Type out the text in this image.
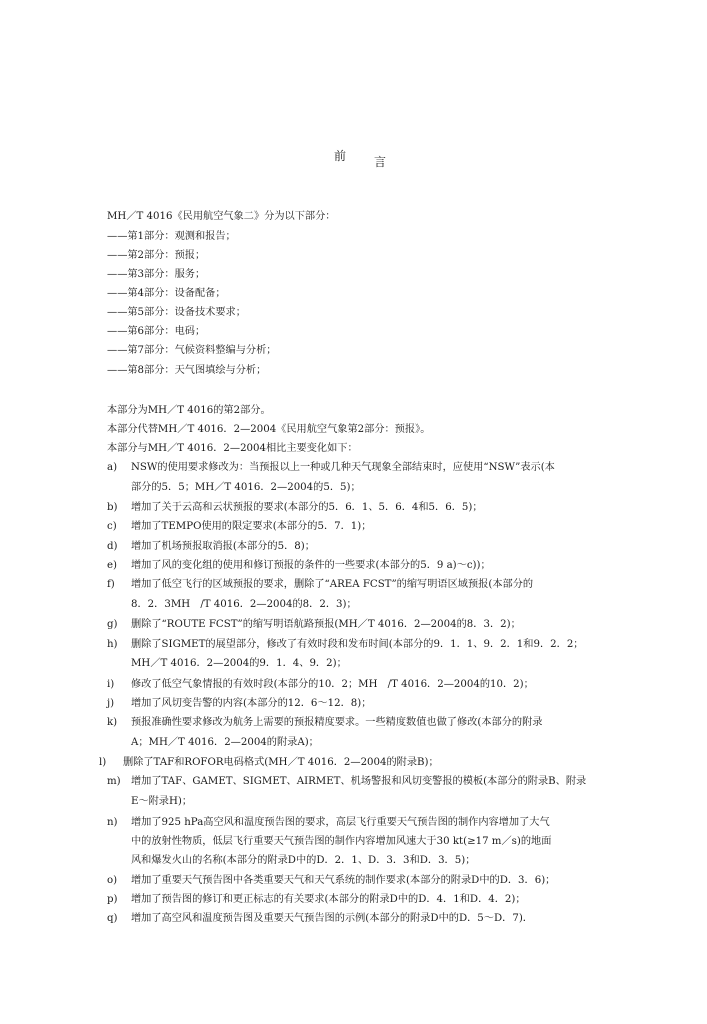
前 言
MH／T 4016《民用航空气象二》分为以下部分：
——第1部分：观测和报告；
——第2部分：预报；
——第3部分：服务；
——第4部分：设备配备；
——第5部分：设备技术要求；
——第6部分：电码；
——第7部分：气候资料整编与分析；
——第8部分：天气图填绘与分析；
本部分为MH／T 4016的第2部分。
本部分代替MH／T 4016．2—2004《民用航空气象第2部分：预报》。
本部分与MH／T 4016．2—2004相比主要变化如下：
a) NSW的使用要求修改为：当预报以上一种或几种天气现象全部结束时，应使用“NSW”表示(本
部分的5．5；MH／T 4016．2—2004的5．5)；
b) 增加了关于云高和云状预报的要求(本部分的5．6．1、5．6．4和5．6．5)；
c) 增加了TEMPO使用的限定要求(本部分的5．7．1)；
d) 增加了机场预报取消报(本部分的5．8)；
e) 增加了风的变化组的使用和修订预报的条件的一些要求(本部分的5．9 a)～c))；
f) 增加了低空飞行的区域预报的要求，删除了“AREA FCST”的缩写明语区域预报(本部分的
8．2．3MH　/T 4016．2—2004的8．2．3)；
g) 删除了“ROUTE FCST”的缩写明语航路预报(MH／T 4016．2—2004的8．3．2)；
h) 删除了SIGMET的展望部分，修改了有效时段和发布时间(本部分的9．1．1、9．2．1和9．2．2；
MH／T 4016．2—2004的9．1．4、9．2)；
i) 修改了低空气象情报的有效时段(本部分的10．2；MH　/T 4016．2—2004的10．2)；
j) 增加了风切变告警的内容(本部分的12．6～12．8)；
k) 预报准确性要求修改为航务上需要的预报精度要求。一些精度数值也做了修改(本部分的附录
A；MH／T 4016．2—2004的附录A)；
l) 删除了TAF和ROFOR电码格式(MH／T 4016．2—2004的附录B)；
m) 增加了TAF、GAMET、SIGMET、AIRMET、机场警报和风切变警报的模板(本部分的附录B、附录
E～附录H)；
n) 增加了925 hPa高空风和温度预告图的要求，高层飞行重要天气预告图的制作内容增加了大气
中的放射性物质，低层飞行重要天气预告图的制作内容增加风速大于30 kt(≥17 m／s)的地面
风和爆发火山的名称(本部分的附录D中的D．2．1、D．3．3和D．3．5)；
o) 增加了重要天气预告图中各类重要天气和天气系统的制作要求(本部分的附录D中的D．3．6)；
p) 增加了预告图的修订和更正标志的有关要求(本部分的附录D中的D．4．1和D．4．2)；
q) 增加了高空风和温度预告图及重要天气预告图的示例(本部分的附录D中的D．5～D．7)．
